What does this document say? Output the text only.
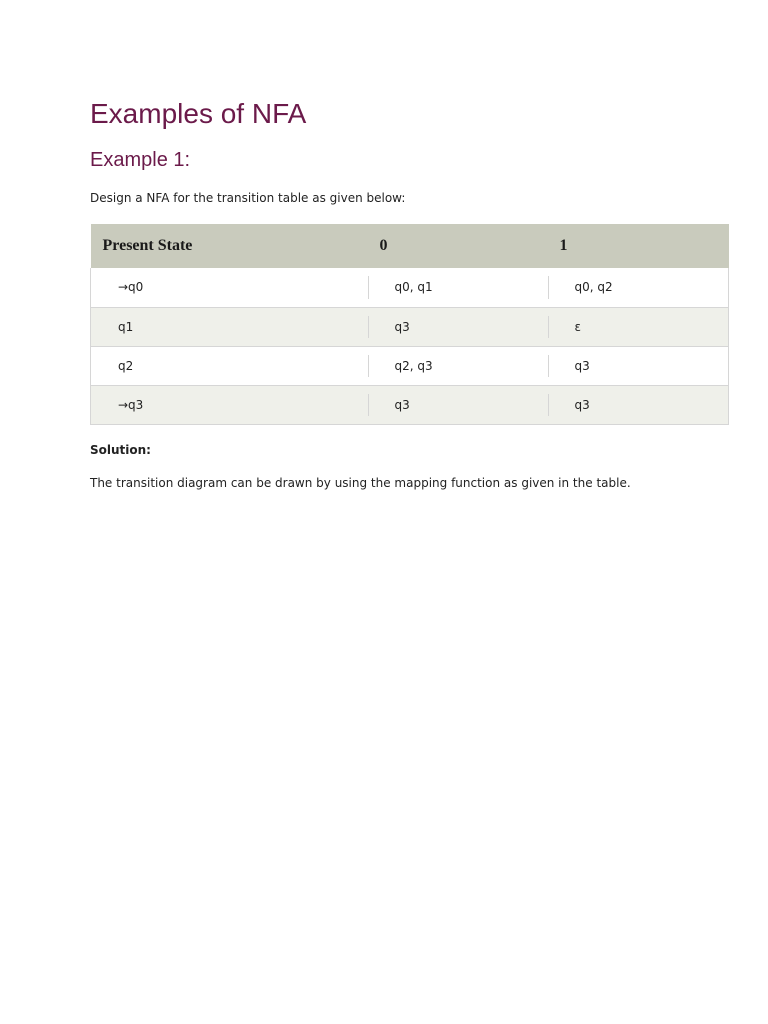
Examples of NFA
Example 1:

Design a NFA for the transition table as given below:

Present State	0	1
→q0	q0, q1	q0, q2
q1	q3	ε
q2	q2, q3	q3
→q3	q3	q3

Solution:

The transition diagram can be drawn by using the mapping function as given in the table.
